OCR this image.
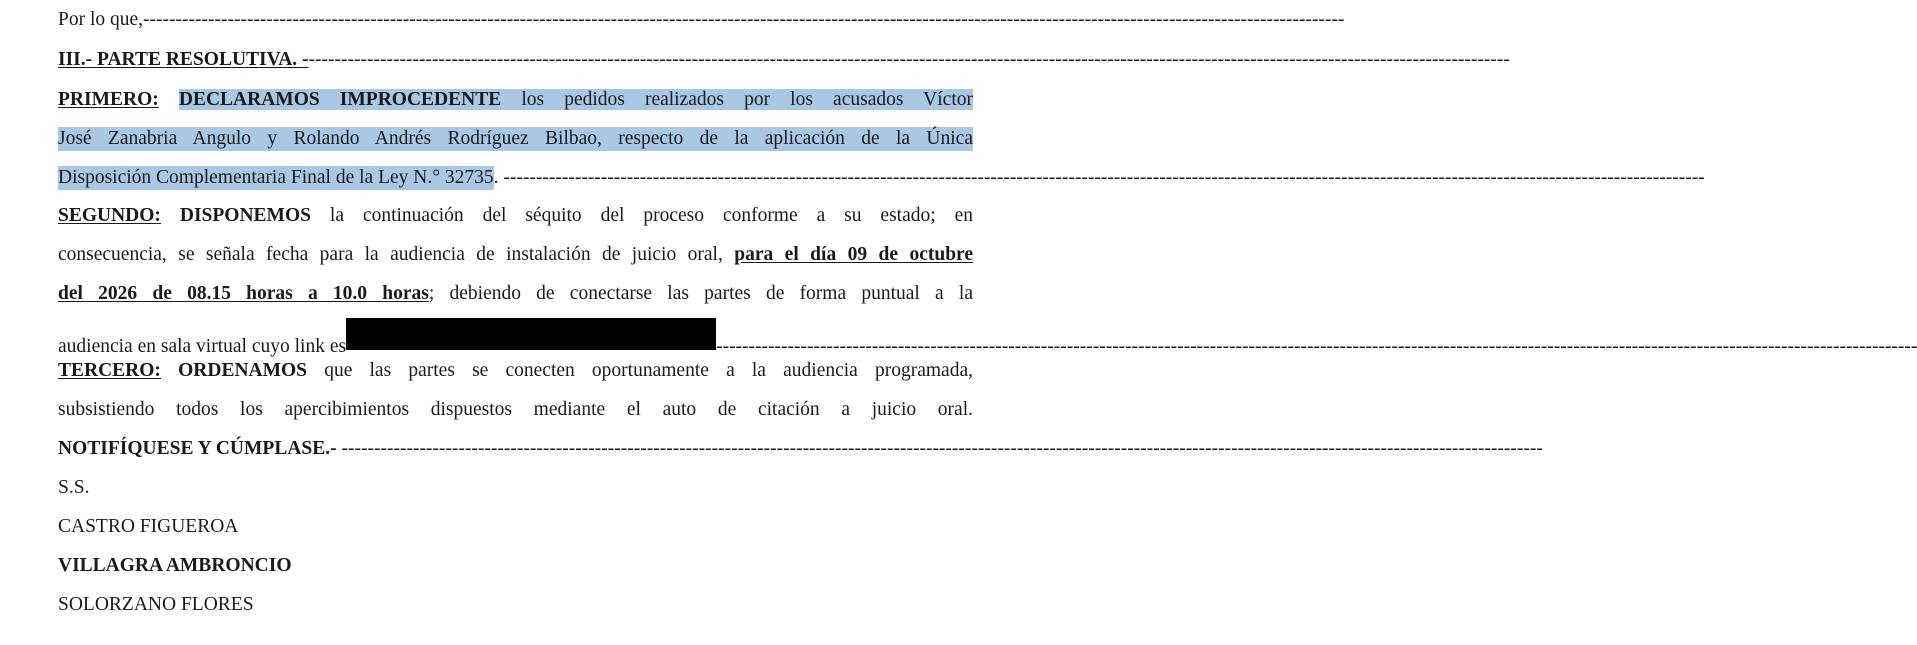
Por lo que, -----------------------------------------------------------------------------------------------------------------------------------------------------------------------------------------
III.- PARTE RESOLUTIVA. - -----------------------------------------------------------------------------------------------------------------------------------------------------------------------------------------
PRIMERO: DECLARAMOS IMPROCEDENTE los pedidos realizados por los acusados Víctor
José Zanabria Angulo y Rolando Andrés Rodríguez Bilbao, respecto de la aplicación de la Única
Disposición Complementaria Final de la Ley N.° 32735 .
-----------------------------------------------------------------------------------------------------------------------------------------------------------------------------------------
SEGUNDO: DISPONEMOS la continuación del séquito del proceso conforme a su estado; en
consecuencia, se señala fecha para la audiencia de instalación de juicio oral, para el día 09 de octubre
del 2026 de 08.15 horas a 10.0 horas; debiendo de conectarse las partes de forma puntual a la
audiencia en sala virtual cuyo link es	-----------------------------------------------------------------------------------------------------------------------------------------------------------------------------------------
TERCERO: ORDENAMOS que las partes se conecten oportunamente a la audiencia programada,
subsistiendo todos los apercibimientos dispuestos mediante el auto de citación a juicio oral.
NOTIFÍQUESE Y CÚMPLASE.-
-----------------------------------------------------------------------------------------------------------------------------------------------------------------------------------------
S.S.
CASTRO FIGUEROA
VILLAGRA AMBRONCIO
SOLORZANO FLORES
